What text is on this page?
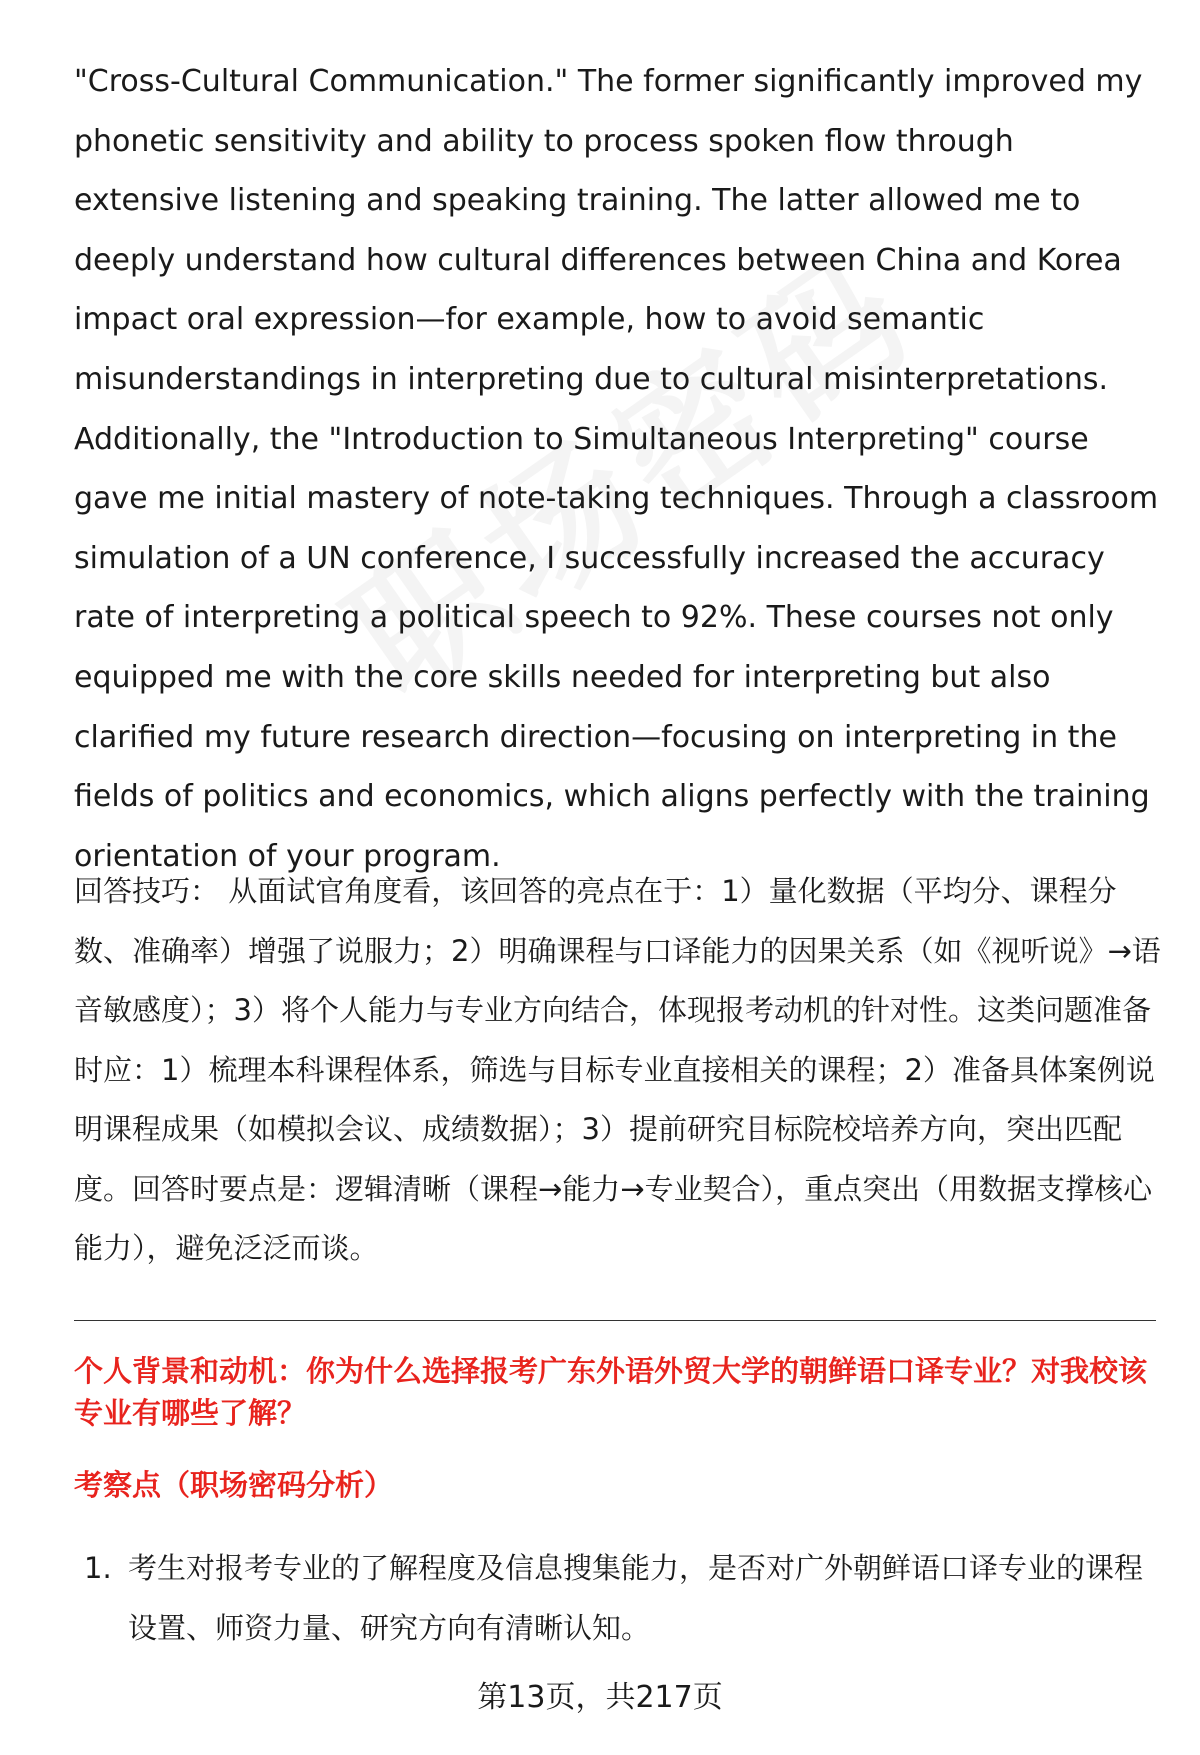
"Cross-Cultural Communication." The former significantly improved my phonetic sensitivity and ability to process spoken flow through extensive listening and speaking training. The latter allowed me to deeply understand how cultural differences between China and Korea impact oral expression—for example, how to avoid semantic misunderstandings in interpreting due to cultural misinterpretations. Additionally, the "Introduction to Simultaneous Interpreting" course gave me initial mastery of note-taking techniques. Through a classroom simulation of a UN conference, I successfully increased the accuracy rate of interpreting a political speech to 92%. These courses not only equipped me with the core skills needed for interpreting but also clarified my future research direction—focusing on interpreting in the fields of politics and economics, which aligns perfectly with the training orientation of your program.

回答技巧： 从面试官角度看，该回答的亮点在于：1）量化数据（平均分、课程分数、准确率）增强了说服力；2）明确课程与口译能力的因果关系（如《视听说》→语音敏感度）；3）将个人能力与专业方向结合，体现报考动机的针对性。这类问题准备时应：1）梳理本科课程体系，筛选与目标专业直接相关的课程；2）准备具体案例说明课程成果（如模拟会议、成绩数据）；3）提前研究目标院校培养方向，突出匹配度。回答时要点是：逻辑清晰（课程→能力→专业契合），重点突出（用数据支撑核心能力），避免泛泛而谈。

个人背景和动机：你为什么选择报考广东外语外贸大学的朝鲜语口译专业？对我校该专业有哪些了解？

考察点（职场密码分析）

1. 考生对报考专业的了解程度及信息搜集能力，是否对广外朝鲜语口译专业的课程设置、师资力量、研究方向有清晰认知。
第13页，共217页
